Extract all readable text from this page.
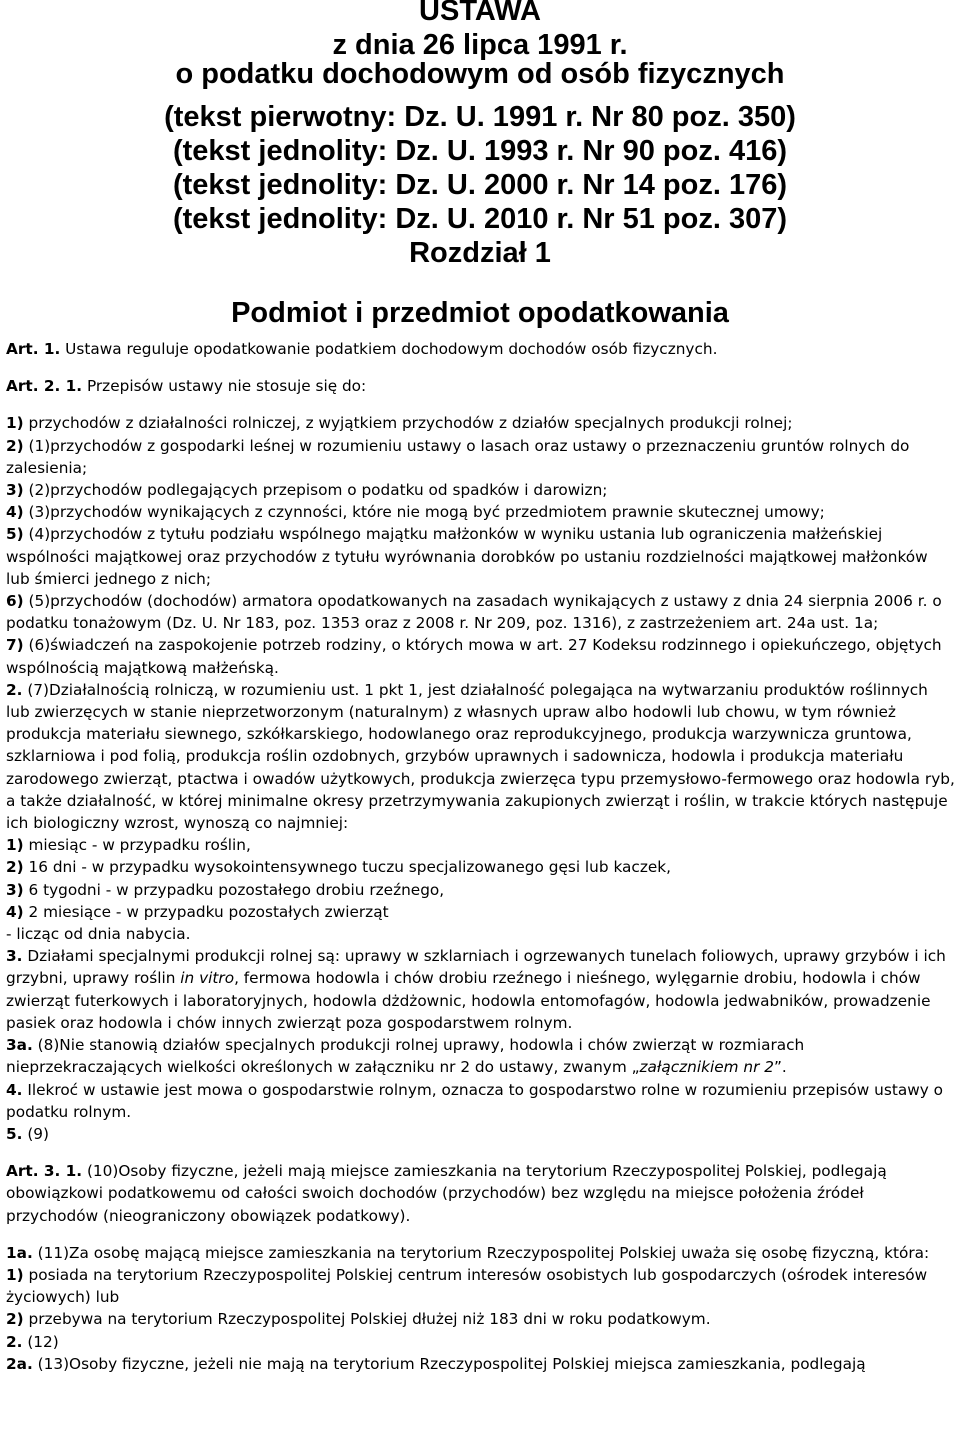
USTAWA
z dnia 26 lipca 1991 r.
o podatku dochodowym od osób fizycznych
(tekst pierwotny: Dz. U. 1991 r. Nr 80 poz. 350)
(tekst jednolity: Dz. U. 1993 r. Nr 90 poz. 416)
(tekst jednolity: Dz. U. 2000 r. Nr 14 poz. 176)
(tekst jednolity: Dz. U. 2010 r. Nr 51 poz. 307)
Rozdział 1
Podmiot i przedmiot opodatkowania

Art. 1. Ustawa reguluje opodatkowanie podatkiem dochodowym dochodów osób fizycznych.

Art. 2. 1. Przepisów ustawy nie stosuje się do:

1) przychodów z działalności rolniczej, z wyjątkiem przychodów z działów specjalnych produkcji rolnej;

2) (1)przychodów z gospodarki leśnej w rozumieniu ustawy o lasach oraz ustawy o przeznaczeniu gruntów rolnych do zalesienia;

3) (2)przychodów podlegających przepisom o podatku od spadków i darowizn;

4) (3)przychodów wynikających z czynności, które nie mogą być przedmiotem prawnie skutecznej umowy;

5) (4)przychodów z tytułu podziału wspólnego majątku małżonków w wyniku ustania lub ograniczenia małżeńskiej wspólności majątkowej oraz przychodów z tytułu wyrównania dorobków po ustaniu rozdzielności majątkowej małżonków lub śmierci jednego z nich;

6) (5)przychodów (dochodów) armatora opodatkowanych na zasadach wynikających z ustawy z dnia 24 sierpnia 2006 r. o podatku tonażowym (Dz. U. Nr 183, poz. 1353 oraz z 2008 r. Nr 209, poz. 1316), z zastrzeżeniem art. 24a ust. 1a;

7) (6)świadczeń na zaspokojenie potrzeb rodziny, o których mowa w art. 27 Kodeksu rodzinnego i opiekuńczego, objętych wspólnością majątkową małżeńską.

2. (7)Działalnością rolniczą, w rozumieniu ust. 1 pkt 1, jest działalność polegająca na wytwarzaniu produktów roślinnych lub zwierzęcych w stanie nieprzetworzonym (naturalnym) z własnych upraw albo hodowli lub chowu, w tym również produkcja materiału siewnego, szkółkarskiego, hodowlanego oraz reprodukcyjnego, produkcja warzywnicza gruntowa, szklarniowa i pod folią, produkcja roślin ozdobnych, grzybów uprawnych i sadownicza, hodowla i produkcja materiału zarodowego zwierząt, ptactwa i owadów użytkowych, produkcja zwierzęca typu przemysłowo-fermowego oraz hodowla ryb, a także działalność, w której minimalne okresy przetrzymywania zakupionych zwierząt i roślin, w trakcie których następuje ich biologiczny wzrost, wynoszą co najmniej:

1) miesiąc - w przypadku roślin,

2) 16 dni - w przypadku wysokointensywnego tuczu specjalizowanego gęsi lub kaczek,

3) 6 tygodni - w przypadku pozostałego drobiu rzeźnego,

4) 2 miesiące - w przypadku pozostałych zwierząt

- licząc od dnia nabycia.

3. Działami specjalnymi produkcji rolnej są: uprawy w szklarniach i ogrzewanych tunelach foliowych, uprawy grzybów i ich grzybni, uprawy roślin in vitro, fermowa hodowla i chów drobiu rzeźnego i nieśnego, wylęgarnie drobiu, hodowla i chów zwierząt futerkowych i laboratoryjnych, hodowla dżdżownic, hodowla entomofagów, hodowla jedwabników, prowadzenie pasiek oraz hodowla i chów innych zwierząt poza gospodarstwem rolnym.

3a. (8)Nie stanowią działów specjalnych produkcji rolnej uprawy, hodowla i chów zwierząt w rozmiarach nieprzekraczających wielkości określonych w załączniku nr 2 do ustawy, zwanym „załącznikiem nr 2”.

4. Ilekroć w ustawie jest mowa o gospodarstwie rolnym, oznacza to gospodarstwo rolne w rozumieniu przepisów ustawy o podatku rolnym.

5. (9)

Art. 3. 1. (10)Osoby fizyczne, jeżeli mają miejsce zamieszkania na terytorium Rzeczypospolitej Polskiej, podlegają obowiązkowi podatkowemu od całości swoich dochodów (przychodów) bez względu na miejsce położenia źródeł przychodów (nieograniczony obowiązek podatkowy).

1a. (11)Za osobę mającą miejsce zamieszkania na terytorium Rzeczypospolitej Polskiej uważa się osobę fizyczną, która:

1) posiada na terytorium Rzeczypospolitej Polskiej centrum interesów osobistych lub gospodarczych (ośrodek interesów życiowych) lub

2) przebywa na terytorium Rzeczypospolitej Polskiej dłużej niż 183 dni w roku podatkowym.

2. (12)

2a. (13)Osoby fizyczne, jeżeli nie mają na terytorium Rzeczypospolitej Polskiej miejsca zamieszkania, podlegają
